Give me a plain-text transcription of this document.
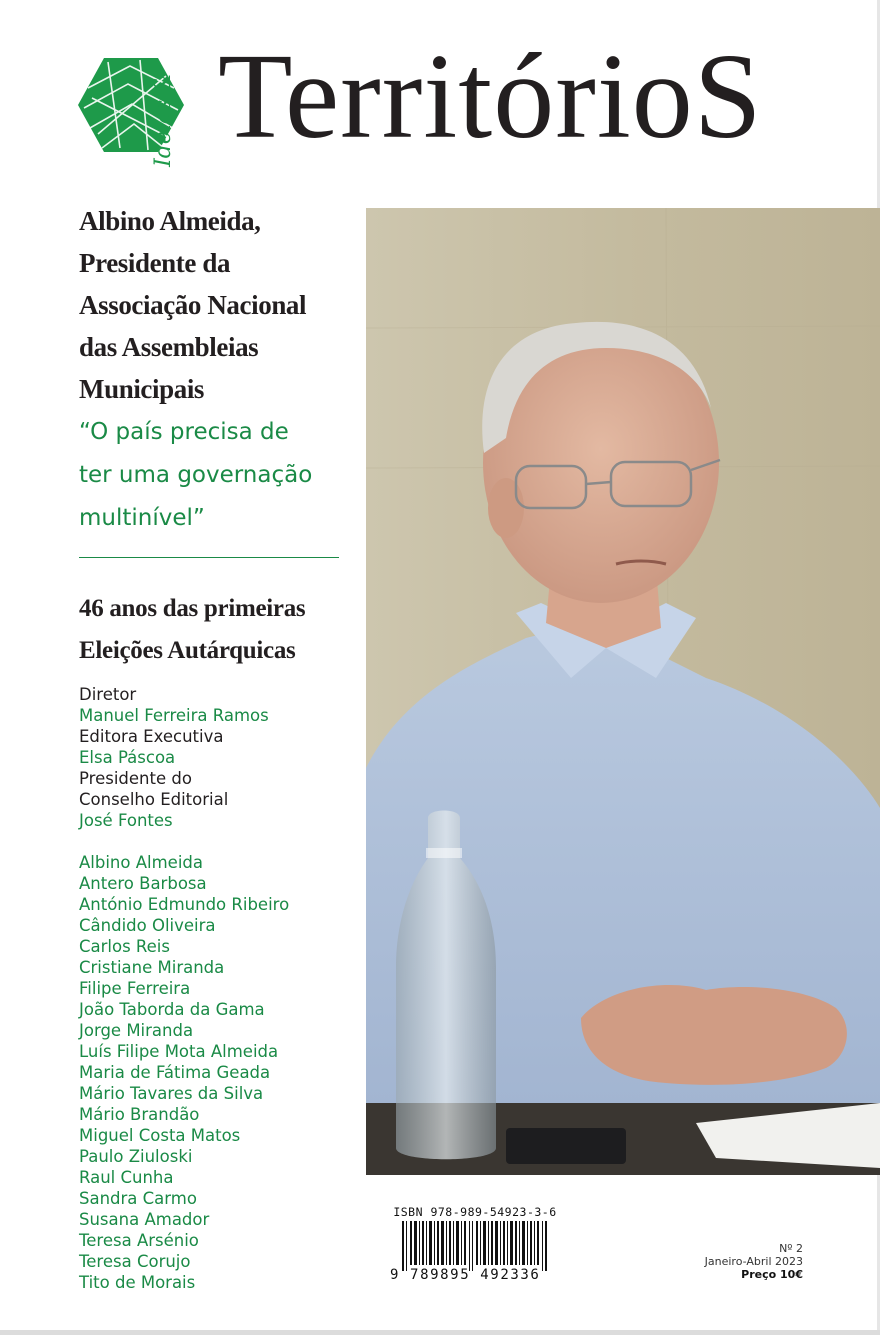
Ideias & TerritórioS

Albino Almeida,

Presidente da

Associação Nacional

das Assembleias

Municipais

“O país precisa de

ter uma governação

multinível”

46 anos das primeiras

Eleições Autárquicas

Diretor
Manuel Ferreira Ramos
Editora Executiva
Elsa Páscoa
Presidente do
Conselho Editorial
José Fontes
Albino Almeida
Antero Barbosa
António Edmundo Ribeiro
Cândido Oliveira
Carlos Reis
Cristiane Miranda
Filipe Ferreira
João Taborda da Gama
Jorge Miranda
Luís Filipe Mota Almeida
Maria de Fátima Geada
Mário Tavares da Silva
Mário Brandão
Miguel Costa Matos
Paulo Ziuloski
Raul Cunha
Sandra Carmo
Susana Amador
Teresa Arsénio
Teresa Corujo
Tito de Morais
ISBN 978-989-54923-3-6
9 789895 492336
Nº 2
Janeiro-Abril 2023
Preço 10€
